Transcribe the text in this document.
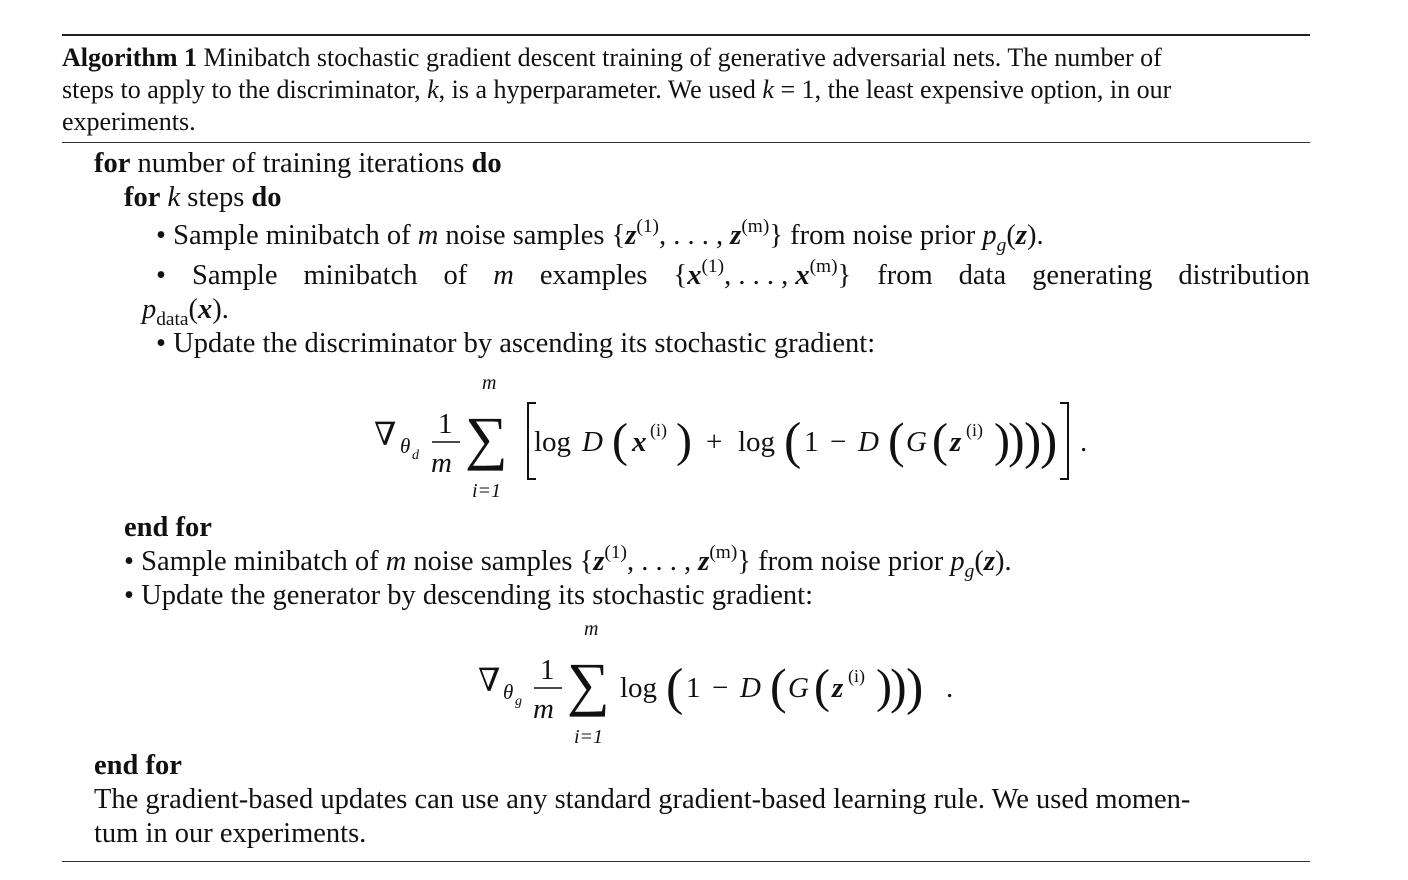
Algorithm 1 Minibatch stochastic gradient descent training of generative adversarial nets. The number of
steps to apply to the discriminator, k, is a hyperparameter. We used k = 1, the least expensive option, in our
experiments.
for number of training iterations do
for k steps do
• Sample minibatch of m noise samples {$z^{(1)}$, . . . , $z^{(m)}$} from noise prior $p_g(z)$.
• Sample minibatch of m examples {$x^{(1)}$, . . . , $x^{(m)}$} from data generating distribution
$p_{data}(x)$.
• Update the discriminator by ascending its stochastic gradient:
∇ θ d
1
m
m
∑
i=1
log D ( x (i) ) + log ( 1 − D ( G ( z (i) )
) )
) .
end for
• Sample minibatch of m noise samples {$z^{(1)}$, . . . , $z^{(m)}$} from noise prior $p_g(z)$.
• Update the generator by descending its stochastic gradient:
∇ θ g
1
m
m
∑
i=1
log ( 1 − D ( G ( z (i) )
) ) .
end for
The gradient-based updates can use any standard gradient-based learning rule. We used momen-
tum in our experiments.
